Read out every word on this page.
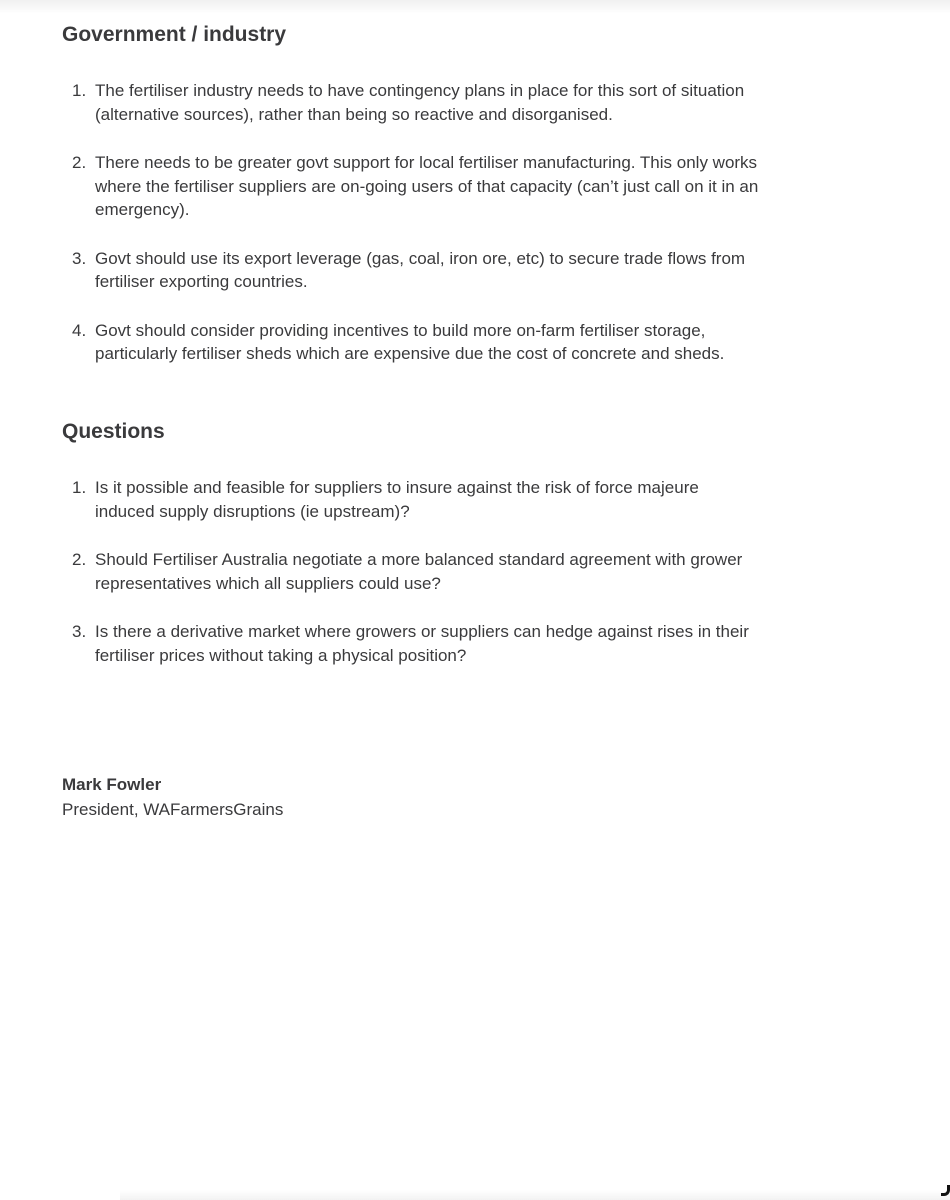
Government / industry
1. The fertiliser industry needs to have contingency plans in place for this sort of situation (alternative sources), rather than being so reactive and disorganised.
2. There needs to be greater govt support for local fertiliser manufacturing. This only works where the fertiliser suppliers are on-going users of that capacity (can’t just call on it in an emergency).
3. Govt should use its export leverage (gas, coal, iron ore, etc) to secure trade flows from fertiliser exporting countries.
4. Govt should consider providing incentives to build more on-farm fertiliser storage, particularly fertiliser sheds which are expensive due the cost of concrete and sheds.
Questions
1. Is it possible and feasible for suppliers to insure against the risk of force majeure induced supply disruptions (ie upstream)?
2. Should Fertiliser Australia negotiate a more balanced standard agreement with grower representatives which all suppliers could use?
3. Is there a derivative market where growers or suppliers can hedge against rises in their fertiliser prices without taking a physical position?
Mark Fowler
President, WAFarmersGrains
